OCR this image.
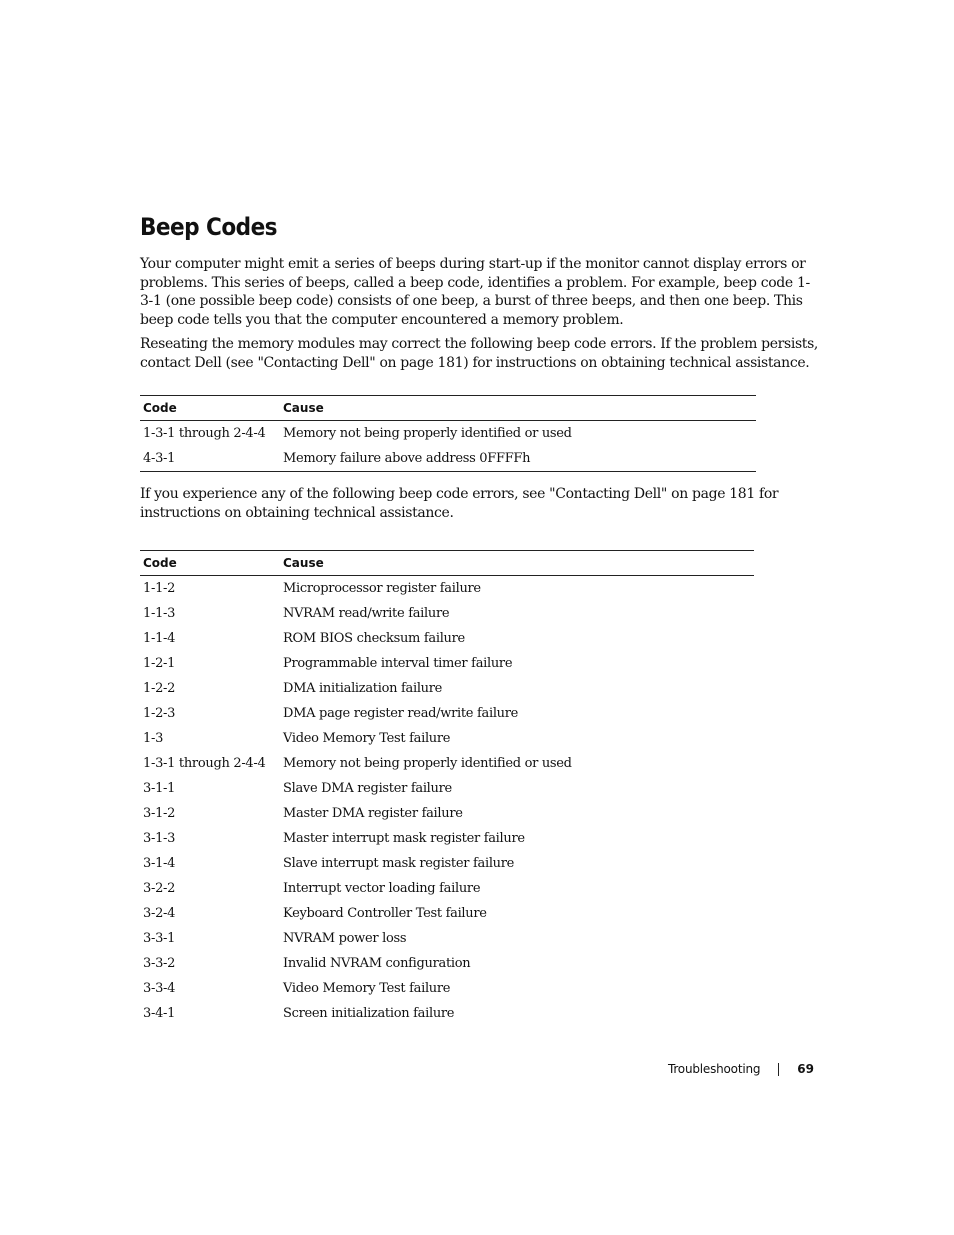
Beep Codes

Your computer might emit a series of beeps during start-up if the monitor cannot display errors or problems. This series of beeps, called a beep code, identifies a problem. For example, beep code 1-3-1 (one possible beep code) consists of one beep, a burst of three beeps, and then one beep. This beep code tells you that the computer encountered a memory problem.

Reseating the memory modules may correct the following beep code errors. If the problem persists, contact Dell (see "Contacting Dell" on page 181) for instructions on obtaining technical assistance.

Code	Cause
1-3-1 through 2-4-4	Memory not being properly identified or used
4-3-1	Memory failure above address 0FFFFh

If you experience any of the following beep code errors, see "Contacting Dell" on page 181 for instructions on obtaining technical assistance.

Code	Cause
1-1-2	Microprocessor register failure
1-1-3	NVRAM read/write failure
1-1-4	ROM BIOS checksum failure
1-2-1	Programmable interval timer failure
1-2-2	DMA initialization failure
1-2-3	DMA page register read/write failure
1-3	Video Memory Test failure
1-3-1 through 2-4-4	Memory not being properly identified or used
3-1-1	Slave DMA register failure
3-1-2	Master DMA register failure
3-1-3	Master interrupt mask register failure
3-1-4	Slave interrupt mask register failure
3-2-2	Interrupt vector loading failure
3-2-4	Keyboard Controller Test failure
3-3-1	NVRAM power loss
3-3-2	Invalid NVRAM configuration
3-3-4	Video Memory Test failure
3-4-1	Screen initialization failure
Troubleshooting	69
